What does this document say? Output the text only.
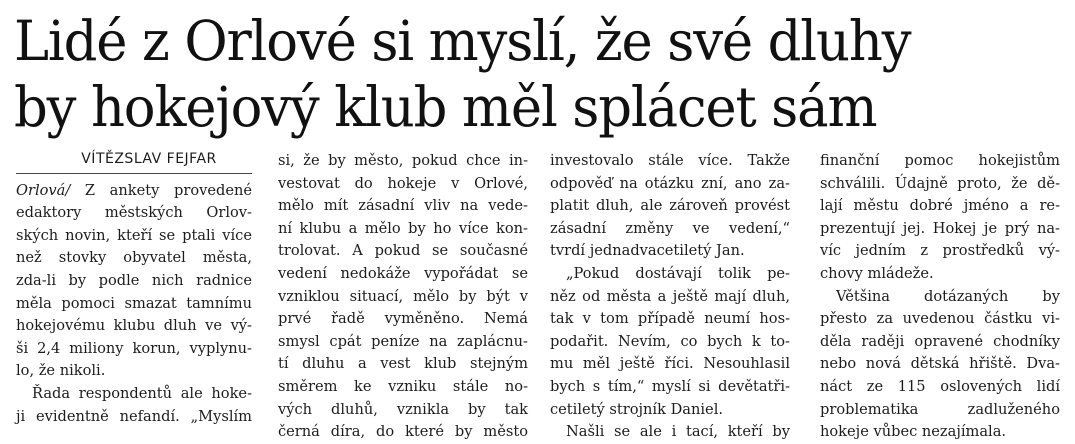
Lidé z Orlové si myslí, že své dluhy
by hokejový klub měl splácet sám
VÍTĚZSLAV FEJFAR
Orlová/ Z ankety provedené
edaktory městských Orlov-
ských novin, kteří se ptali více
než stovky obyvatel města,
zda-li by podle nich radnice
měla pomoci smazat tamnímu
hokejovému klubu dluh ve vý-
ši 2,4 miliony korun, vyplynu-
lo, že nikoli.
Řada respondentů ale hoke-
ji evidentně nefandí. „Myslím
si, že by město, pokud chce in-
vestovat do hokeje v Orlové,
mělo mít zásadní vliv na vede-
ní klubu a mělo by ho více kon-
trolovat. A pokud se současné
vedení nedokáže vypořádat se
vzniklou situací, mělo by být v
prvé řadě vyměněno. Nemá
smysl cpát peníze na zaplácnu-
tí dluhu a vest klub stejným
směrem ke vzniku stále no-
vých dluhů, vznikla by tak
černá díra, do které by město
investovalo stále více. Takže
odpověď na otázku zní, ano za-
platit dluh, ale zároveň provést
zásadní změny ve vedení,“
tvrdí jednadvacetiletý Jan.
„Pokud dostávají tolik pe-
něz od města a ještě mají dluh,
tak v tom případě neumí hos-
podařit. Nevím, co bych k to-
mu měl ještě říci. Nesouhlasil
bych s tím,“ myslí si devětatři-
cetiletý strojník Daniel.
Našli se ale i tací, kteří by
finanční pomoc hokejistům
schválili. Údajně proto, že dě-
lají městu dobré jméno a re-
prezentují jej. Hokej je prý na-
víc jedním z prostředků vý-
chovy mládeže.
Většina dotázaných by
přesto za uvedenou částku vi-
děla raději opravené chodníky
nebo nová dětská hřiště. Dva-
náct ze 115 oslovených lidí
problematika zadluženého
hokeje vůbec nezajímala.
